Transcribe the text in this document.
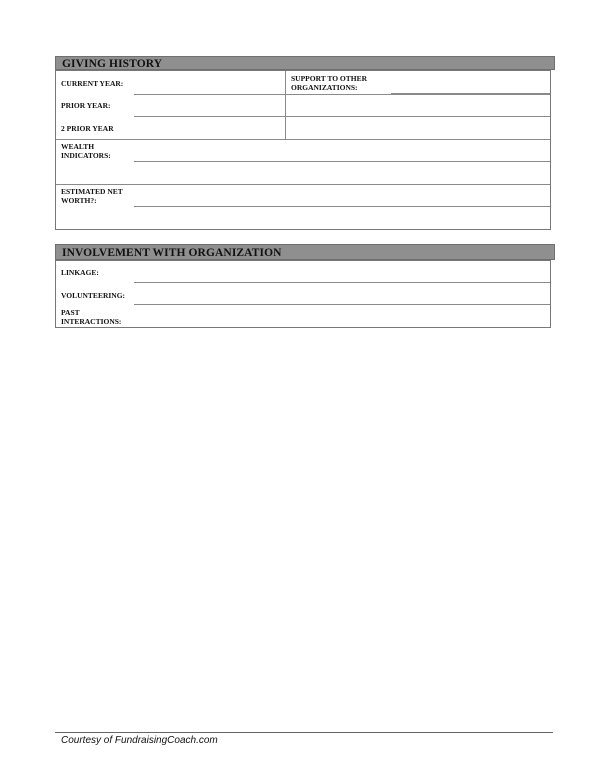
GIVING HISTORY
CURRENT YEAR:
SUPPORT TO OTHER
ORGANIZATIONS:
PRIOR YEAR:
2 PRIOR YEAR
WEALTH
INDICATORS:
ESTIMATED NET
WORTH?:
INVOLVEMENT WITH ORGANIZATION
LINKAGE:
VOLUNTEERING:
PAST
INTERACTIONS:
Courtesy of FundraisingCoach.com
